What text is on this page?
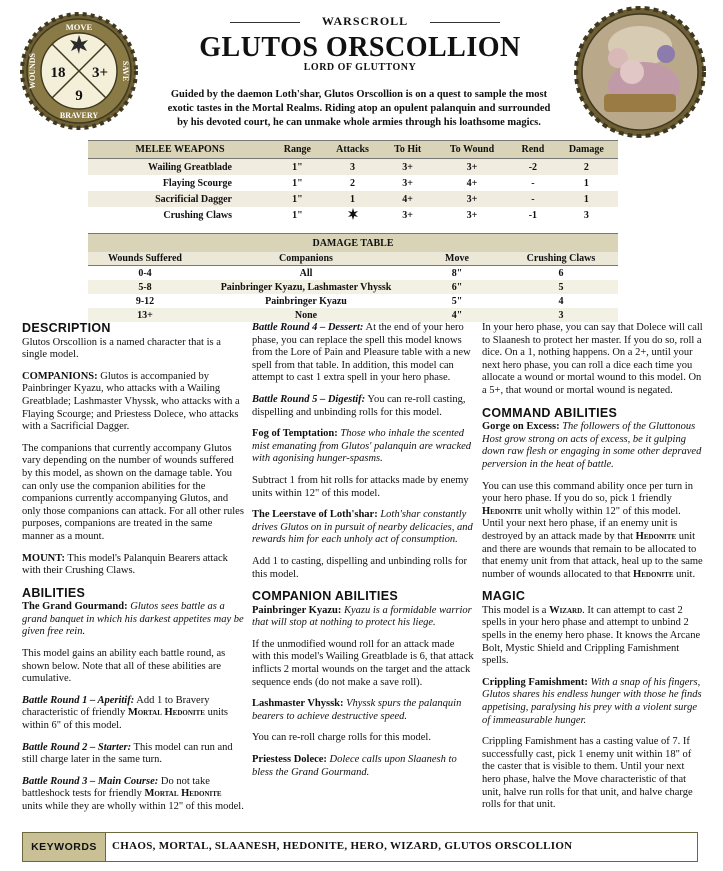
WARSCROLL
GLUTOS ORSCOLLION
LORD OF GLUTTONY
Guided by the daemon Loth'shar, Glutos Orscollion is on a quest to sample the most exotic tastes in the Mortal Realms. Riding atop an opulent palanquin and surrounded by his devoted court, he can unmake whole armies through his loathsome magics.
MOVE
BRAVERY
WOUNDS	SAVE
18 3+
9
MELEE WEAPONS	Range	Attacks	To Hit	To Wound	Rend	Damage
Wailing Greatblade	1"	3	3+	3+	-2	2
Flaying Scourge	1"	2	3+	4+	-	1
Sacrificial Dagger	1"	1	4+	3+	-	1
Crushing Claws	1"		3+	3+	-1	3
DAMAGE TABLE			
Wounds Suffered	Companions	Move	Crushing Claws
0-4	All	8"	6
5-8	Painbringer Kyazu, Lashmaster Vhyssk	6"	5
9-12	Painbringer Kyazu	5"	4
13+	None	4"	3
DESCRIPTION

Glutos Orscollion is a named character that is a single model.

COMPANIONS: Glutos is accompanied by Painbringer Kyazu, who attacks with a Wailing Greatblade; Lashmaster Vhyssk, who attacks with a Flaying Scourge; and Priestess Dolece, who attacks with a Sacrificial Dagger.

The companions that currently accompany Glutos vary depending on the number of wounds suffered by this model, as shown on the damage table. You can only use the companion abilities for the companions currently accompanying Glutos, and only those companions can attack. For all other rules purposes, companions are treated in the same manner as a mount.

MOUNT: This model's Palanquin Bearers attack with their Crushing Claws.

ABILITIES

The Grand Gourmand: Glutos sees battle as a grand banquet in which his darkest appetites may be given free rein.

This model gains an ability each battle round, as shown below. Note that all of these abilities are cumulative.

Battle Round 1 – Aperitif: Add 1 to Bravery characteristic of friendly Mortal Hedonite units within 6" of this model.

Battle Round 2 – Starter: This model can run and still charge later in the same turn.

Battle Round 3 – Main Course: Do not take battleshock tests for friendly Mortal Hedonite units while they are wholly within 12" of this model.

Battle Round 4 – Dessert: At the end of your hero phase, you can replace the spell this model knows from the Lore of Pain and Pleasure table with a new spell from that table. In addition, this model can attempt to cast 1 extra spell in your hero phase.

Battle Round 5 – Digestif: You can re-roll casting, dispelling and unbinding rolls for this model.

Fog of Temptation: Those who inhale the scented mist emanating from Glutos' palanquin are wracked with agonising hunger-spasms.

Subtract 1 from hit rolls for attacks made by enemy units within 12" of this model.

The Leerstave of Loth'shar: Loth'shar constantly drives Glutos on in pursuit of nearby delicacies, and rewards him for each unholy act of consumption.

Add 1 to casting, dispelling and unbinding rolls for this model.

COMPANION ABILITIES

Painbringer Kyazu: Kyazu is a formidable warrior that will stop at nothing to protect his liege.

If the unmodified wound roll for an attack made with this model's Wailing Greatblade is 6, that attack inflicts 2 mortal wounds on the target and the attack sequence ends (do not make a save roll).

Lashmaster Vhyssk: Vhyssk spurs the palanquin bearers to achieve destructive speed.

You can re-roll charge rolls for this model.

Priestess Dolece: Dolece calls upon Slaanesh to bless the Grand Gourmand.

In your hero phase, you can say that Dolece will call to Slaanesh to protect her master. If you do so, roll a dice. On a 1, nothing happens. On a 2+, until your next hero phase, you can roll a dice each time you allocate a wound or mortal wound to this model. On a 5+, that wound or mortal wound is negated.

COMMAND ABILITIES

Gorge on Excess: The followers of the Gluttonous Host grow strong on acts of excess, be it gulping down raw flesh or engaging in some other depraved perversion in the heat of battle.

You can use this command ability once per turn in your hero phase. If you do so, pick 1 friendly Hedonite unit wholly within 12" of this model. Until your next hero phase, if an enemy unit is destroyed by an attack made by that Hedonite unit and there are wounds that remain to be allocated to that enemy unit from that attack, heal up to the same number of wounds allocated to that Hedonite unit.

MAGIC

This model is a Wizard. It can attempt to cast 2 spells in your hero phase and attempt to unbind 2 spells in the enemy hero phase. It knows the Arcane Bolt, Mystic Shield and Crippling Famishment spells.

Crippling Famishment: With a snap of his fingers, Glutos shares his endless hunger with those he finds appetising, paralysing his prey with a violent surge of immeasurable hunger.

Crippling Famishment has a casting value of 7. If successfully cast, pick 1 enemy unit within 18" of the caster that is visible to them. Until your next hero phase, halve the Move characteristic of that unit, halve run rolls for that unit, and halve charge rolls for that unit.

KEYWORDS	CHAOS, MORTAL, SLAANESH, HEDONITE, HERO, WIZARD, GLUTOS ORSCOLLION
